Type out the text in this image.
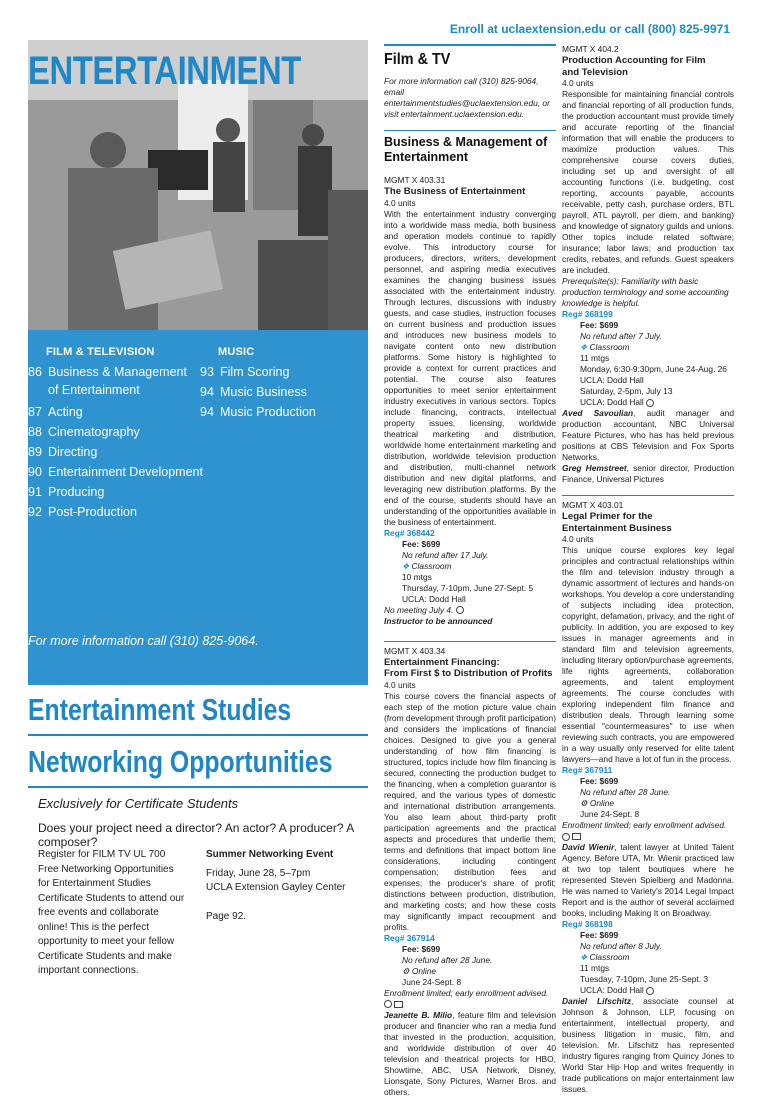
Enroll at uclaextension.edu or call (800) 825-9971
ENTERTAINMENT
FILM & TELEVISION	MUSIC
86 Business & Management
of Entertainment
87 Acting
88 Cinematography
89 Directing
90 Entertainment Development
91 Producing
92 Post-Production
93 Film Scoring
94 Music Business
94 Music Production
For more information call (310) 825-9064.
Entertainment Studies
Networking Opportunities
Exclusively for Certificate Students
Does your project need a director? An actor? A producer? A composer?
Register for FILM TV UL 700 Free Networking Opportunities for Entertainment Studies Certificate Students to attend our free events and collaborate online! This is the perfect opportunity to meet your fellow Certificate Students and make important connections.
Summer Networking Event
Friday, June 28, 5–7pm
UCLA Extension Gayley Center
Page 92.
Film & TV
For more information call (310) 825-9064, email entertainmentstudies@uclaextension.edu, or visit entertainment.uclaextension.edu.
Business & Management of Entertainment
MGMT X 403.31
The Business of Entertainment
4.0 units
With the entertainment industry converging into a worldwide mass media, both business and operation models continue to rapidly evolve. This introductory course for producers, directors, writers, development personnel, and aspiring media executives examines the changing business issues associated with the entertainment industry. Through lectures, discussions with industry guests, and case studies, instruction focuses on current business and production issues and introduces new business models to navigate content onto new distribution platforms. Some history is highlighted to provide a context for current practices and potential. The course also features opportunities to meet senior entertainment industry executives in various sectors. Topics include financing, contracts, intellectual property issues, licensing, worldwide theatrical marketing and distribution, worldwide home entertainment marketing and distribution, worldwide television production and distribution, multi-channel network distribution and new digital platforms, and leveraging new distribution platforms. By the end of the course, students should have an understanding of the opportunities available in the business of entertainment.
Reg# 368442
Fee: $699
No refund after 17 July.
❖ Classroom
10 mtgs
Thursday, 7-10pm, June 27-Sept. 5
UCLA: Dodd Hall
No meeting July 4.
Instructor to be announced
MGMT X 403.34
Entertainment Financing:
From First $ to Distribution of Profits
4.0 units
This course covers the financial aspects of each step of the motion picture value chain (from development through profit participation) and considers the implications of financial choices. Designed to give you a general understanding of how film financing is structured, topics include how film financing is secured, connecting the production budget to the financing, when a completion guarantor is required, and the various types of domestic and international distribution arrangements. You also learn about third-party profit participation agreements and the practical aspects and procedures that underlie them; terms and definitions that impact bottom line considerations, including contingent compensation; distribution fees and expenses; the producer's share of profit; distinctions between production, distribution, and marketing costs; and how these costs may significantly impact recoupment and profits.
Reg# 367914
Fee: $699
No refund after 28 June.
⚙ Online
June 24-Sept. 8
Enrollment limited; early enrollment advised.
Jeanette B. Milio, feature film and television producer and financier who ran a media fund that invested in the production, acquisition, and worldwide distribution of over 40 television and theatrical projects for HBO, Showtime, ABC, USA Network, Disney, Lionsgate, Sony Pictures, Warner Bros. and others.
MGMT X 404.2
Production Accounting for Film
and Television
4.0 units
Responsible for maintaining financial controls and financial reporting of all production funds, the production accountant must provide timely and accurate reporting of the financial information that will enable the producers to maximize production values. This comprehensive course covers duties, including set up and oversight of all accounting functions (i.e. budgeting, cost reporting, accounts payable, accounts receivable, petty cash, purchase orders, BTL payroll, ATL payroll, per diem, and banking) and knowledge of signatory guilds and unions. Other topics include related software; insurance; labor laws; and production tax credits, rebates, and refunds. Guest speakers are included.
Prerequisite(s): Familiarity with basic production terminology and some accounting knowledge is helpful.
Reg# 368199
Fee: $699
No refund after 7 July.
❖ Classroom
11 mtgs
Monday, 6:30-9:30pm, June 24-Aug. 26
UCLA: Dodd Hall
Saturday, 2-5pm, July 13
UCLA: Dodd Hall
Aved Savoulian, audit manager and production accountant, NBC Universal Feature Pictures, who has has held previous positions at CBS Television and Fox Sports Networks.
Greg Hemstreet, senior director, Production Finance, Universal Pictures
MGMT X 403.01
Legal Primer for the
Entertainment Business
4.0 units
This unique course explores key legal principles and contractual relationships within the film and television industry through a dynamic assortment of lectures and hands-on workshops. You develop a core understanding of subjects including idea protection, copyright, defamation, privacy, and the right of publicity. In addition, you are exposed to key issues in manager agreements and in standard film and television agreements, including literary option/purchase agreements, life rights agreements, collaboration agreements, and talent employment agreements. The course concludes with exploring independent film finance and distribution deals. Through learning some essential "countermeasures" to use when reviewing such contracts, you are empowered in a way usually only reserved for elite talent lawyers—and have a lot of fun in the process.
Reg# 367911
Fee: $699
No refund after 28 June.
⚙ Online
June 24-Sept. 8
Enrollment limited; early enrollment advised.
David Wienir, talent lawyer at United Talent Agency. Before UTA, Mr. Wienir practiced law at two top talent boutiques where he represented Steven Spielberg and Madonna. He was named to Variety's 2014 Legal Impact Report and is the author of several acclaimed books, including Making It on Broadway.
Reg# 368198
Fee: $699
No refund after 8 July.
❖ Classroom
11 mtgs
Tuesday, 7-10pm, June 25-Sept. 3
UCLA: Dodd Hall
Daniel Lifschitz, associate counsel at Johnson & Johnson, LLP, focusing on entertainment, intellectual property, and business litigation in music, film, and television. Mr. Lifschitz has represented industry figures ranging from Quincy Jones to World Star Hip Hop and writes frequently in trade publications on major entertainment law issues.
